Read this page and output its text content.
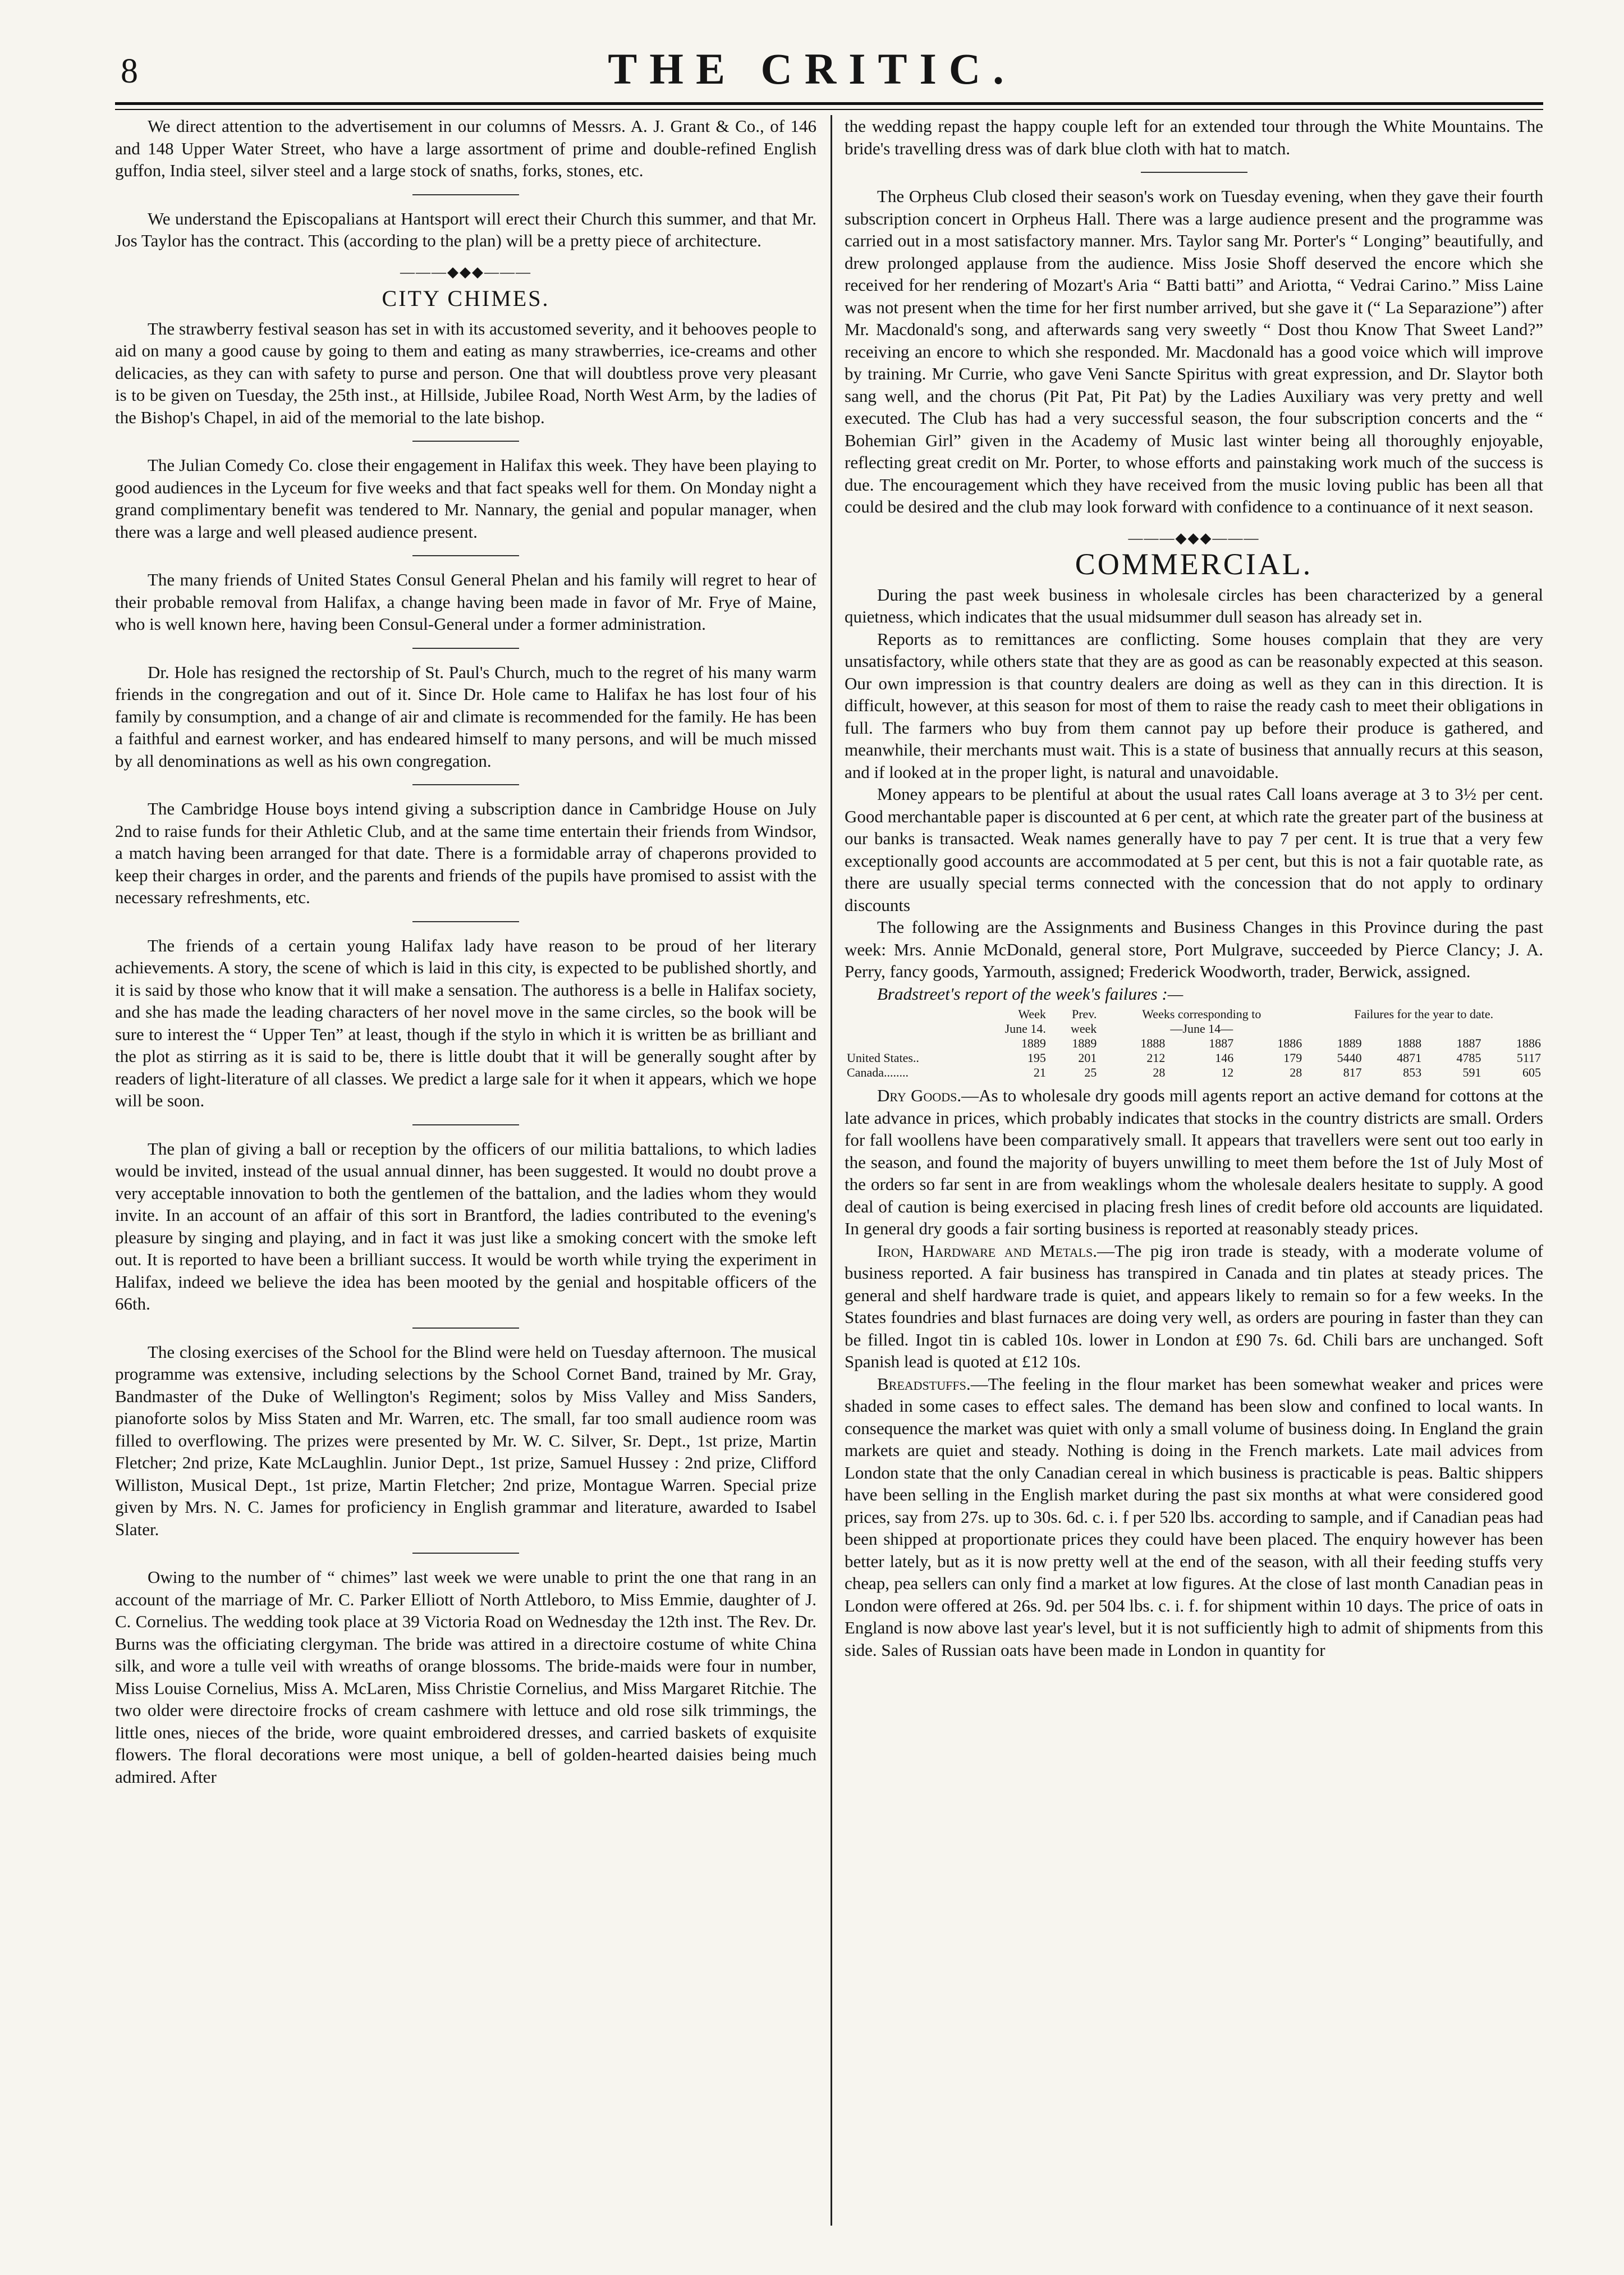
8	THE CRITIC.

We direct attention to the advertisement in our columns of Messrs. A. J. Grant & Co., of 146 and 148 Upper Water Street, who have a large assortment of prime and double-refined English guffon, India steel, silver steel and a large stock of snaths, forks, stones, etc.

We understand the Episcopalians at Hantsport will erect their Church this summer, and that Mr. Jos Taylor has the contract. This (according to the plan) will be a pretty piece of architecture.

———◆◆◆———
CITY CHIMES.

The strawberry festival season has set in with its accustomed severity, and it behooves people to aid on many a good cause by going to them and eating as many strawberries, ice-creams and other delicacies, as they can with safety to purse and person. One that will doubtless prove very pleasant is to be given on Tuesday, the 25th inst., at Hillside, Jubilee Road, North West Arm, by the ladies of the Bishop's Chapel, in aid of the memorial to the late bishop.

The Julian Comedy Co. close their engagement in Halifax this week. They have been playing to good audiences in the Lyceum for five weeks and that fact speaks well for them. On Monday night a grand complimentary benefit was tendered to Mr. Nannary, the genial and popular manager, when there was a large and well pleased audience present.

The many friends of United States Consul General Phelan and his family will regret to hear of their probable removal from Halifax, a change having been made in favor of Mr. Frye of Maine, who is well known here, having been Consul-General under a former administration.

Dr. Hole has resigned the rectorship of St. Paul's Church, much to the regret of his many warm friends in the congregation and out of it. Since Dr. Hole came to Halifax he has lost four of his family by consumption, and a change of air and climate is recommended for the family. He has been a faithful and earnest worker, and has endeared himself to many persons, and will be much missed by all denominations as well as his own congregation.

The Cambridge House boys intend giving a subscription dance in Cambridge House on July 2nd to raise funds for their Athletic Club, and at the same time entertain their friends from Windsor, a match having been arranged for that date. There is a formidable array of chaperons provided to keep their charges in order, and the parents and friends of the pupils have promised to assist with the necessary refreshments, etc.

The friends of a certain young Halifax lady have reason to be proud of her literary achievements. A story, the scene of which is laid in this city, is expected to be published shortly, and it is said by those who know that it will make a sensation. The authoress is a belle in Halifax society, and she has made the leading characters of her novel move in the same circles, so the book will be sure to interest the “ Upper Ten” at least, though if the stylo in which it is written be as brilliant and the plot as stirring as it is said to be, there is little doubt that it will be generally sought after by readers of light-literature of all classes. We predict a large sale for it when it appears, which we hope will be soon.

The plan of giving a ball or reception by the officers of our militia battalions, to which ladies would be invited, instead of the usual annual dinner, has been suggested. It would no doubt prove a very acceptable innovation to both the gentlemen of the battalion, and the ladies whom they would invite. In an account of an affair of this sort in Brantford, the ladies contributed to the evening's pleasure by singing and playing, and in fact it was just like a smoking concert with the smoke left out. It is reported to have been a brilliant success. It would be worth while trying the experiment in Halifax, indeed we believe the idea has been mooted by the genial and hospitable officers of the 66th.

The closing exercises of the School for the Blind were held on Tuesday afternoon. The musical programme was extensive, including selections by the School Cornet Band, trained by Mr. Gray, Bandmaster of the Duke of Wellington's Regiment; solos by Miss Valley and Miss Sanders, pianoforte solos by Miss Staten and Mr. Warren, etc. The small, far too small audience room was filled to overflowing. The prizes were presented by Mr. W. C. Silver, Sr. Dept., 1st prize, Martin Fletcher; 2nd prize, Kate McLaughlin. Junior Dept., 1st prize, Samuel Hussey : 2nd prize, Clifford Williston, Musical Dept., 1st prize, Martin Fletcher; 2nd prize, Montague Warren. Special prize given by Mrs. N. C. James for proficiency in English grammar and literature, awarded to Isabel Slater.

Owing to the number of “ chimes” last week we were unable to print the one that rang in an account of the marriage of Mr. C. Parker Elliott of North Attleboro, to Miss Emmie, daughter of J. C. Cornelius. The wedding took place at 39 Victoria Road on Wednesday the 12th inst. The Rev. Dr. Burns was the officiating clergyman. The bride was attired in a directoire costume of white China silk, and wore a tulle veil with wreaths of orange blossoms. The bride-maids were four in number, Miss Louise Cornelius, Miss A. McLaren, Miss Christie Cornelius, and Miss Margaret Ritchie. The two older were directoire frocks of cream cashmere with lettuce and old rose silk trimmings, the little ones, nieces of the bride, wore quaint embroidered dresses, and carried baskets of exquisite flowers. The floral decorations were most unique, a bell of golden-hearted daisies being much admired. After

the wedding repast the happy couple left for an extended tour through the White Mountains. The bride's travelling dress was of dark blue cloth with hat to match.

The Orpheus Club closed their season's work on Tuesday evening, when they gave their fourth subscription concert in Orpheus Hall. There was a large audience present and the programme was carried out in a most satisfactory manner. Mrs. Taylor sang Mr. Porter's “ Longing” beautifully, and drew prolonged applause from the audience. Miss Josie Shoff deserved the encore which she received for her rendering of Mozart's Aria “ Batti batti” and Ariotta, “ Vedrai Carino.” Miss Laine was not present when the time for her first number arrived, but she gave it (“ La Separazione”) after Mr. Macdonald's song, and afterwards sang very sweetly “ Dost thou Know That Sweet Land?” receiving an encore to which she responded. Mr. Macdonald has a good voice which will improve by training. Mr Currie, who gave Veni Sancte Spiritus with great expression, and Dr. Slaytor both sang well, and the chorus (Pit Pat, Pit Pat) by the Ladies Auxiliary was very pretty and well executed. The Club has had a very successful season, the four subscription concerts and the “ Bohemian Girl” given in the Academy of Music last winter being all thoroughly enjoyable, reflecting great credit on Mr. Porter, to whose efforts and painstaking work much of the success is due. The encouragement which they have received from the music loving public has been all that could be desired and the club may look forward with confidence to a continuance of it next season.

———◆◆◆———
COMMERCIAL.

During the past week business in wholesale circles has been characterized by a general quietness, which indicates that the usual midsummer dull season has already set in.

Reports as to remittances are conflicting. Some houses complain that they are very unsatisfactory, while others state that they are as good as can be reasonably expected at this season. Our own impression is that country dealers are doing as well as they can in this direction. It is difficult, however, at this season for most of them to raise the ready cash to meet their obligations in full. The farmers who buy from them cannot pay up before their produce is gathered, and meanwhile, their merchants must wait. This is a state of business that annually recurs at this season, and if looked at in the proper light, is natural and unavoidable.

Money appears to be plentiful at about the usual rates Call loans average at 3 to 3½ per cent. Good merchantable paper is discounted at 6 per cent, at which rate the greater part of the business at our banks is transacted. Weak names generally have to pay 7 per cent. It is true that a very few exceptionally good accounts are accommodated at 5 per cent, but this is not a fair quotable rate, as there are usually special terms connected with the concession that do not apply to ordinary discounts

The following are the Assignments and Business Changes in this Province during the past week: Mrs. Annie McDonald, general store, Port Mulgrave, succeeded by Pierce Clancy; J. A. Perry, fancy goods, Yarmouth, assigned; Frederick Woodworth, trader, Berwick, assigned.

Bradstreet's report of the week's failures :—

	Week	Prev.	Weeks corresponding to			Failures for the year to date.			
	June 14.	week	—June 14—						
	1889	1889	1888	1887	1886	1889	1888	1887	1886
United States..	195	201	212	146	179	5440	4871	4785	5117
Canada........	21	25	28	12	28	817	853	591	605

Dry Goods.—As to wholesale dry goods mill agents report an active demand for cottons at the late advance in prices, which probably indicates that stocks in the country districts are small. Orders for fall woollens have been comparatively small. It appears that travellers were sent out too early in the season, and found the majority of buyers unwilling to meet them before the 1st of July Most of the orders so far sent in are from weaklings whom the wholesale dealers hesitate to supply. A good deal of caution is being exercised in placing fresh lines of credit before old accounts are liquidated. In general dry goods a fair sorting business is reported at reasonably steady prices.

Iron, Hardware and Metals.—The pig iron trade is steady, with a moderate volume of business reported. A fair business has transpired in Canada and tin plates at steady prices. The general and shelf hardware trade is quiet, and appears likely to remain so for a few weeks. In the States foundries and blast furnaces are doing very well, as orders are pouring in faster than they can be filled. Ingot tin is cabled 10s. lower in London at £90 7s. 6d. Chili bars are unchanged. Soft Spanish lead is quoted at £12 10s.

Breadstuffs.—The feeling in the flour market has been somewhat weaker and prices were shaded in some cases to effect sales. The demand has been slow and confined to local wants. In consequence the market was quiet with only a small volume of business doing. In England the grain markets are quiet and steady. Nothing is doing in the French markets. Late mail advices from London state that the only Canadian cereal in which business is practicable is peas. Baltic shippers have been selling in the English market during the past six months at what were considered good prices, say from 27s. up to 30s. 6d. c. i. f per 520 lbs. according to sample, and if Canadian peas had been shipped at proportionate prices they could have been placed. The enquiry however has been better lately, but as it is now pretty well at the end of the season, with all their feeding stuffs very cheap, pea sellers can only find a market at low figures. At the close of last month Canadian peas in London were offered at 26s. 9d. per 504 lbs. c. i. f. for shipment within 10 days. The price of oats in England is now above last year's level, but it is not sufficiently high to admit of shipments from this side. Sales of Russian oats have been made in London in quantity for
